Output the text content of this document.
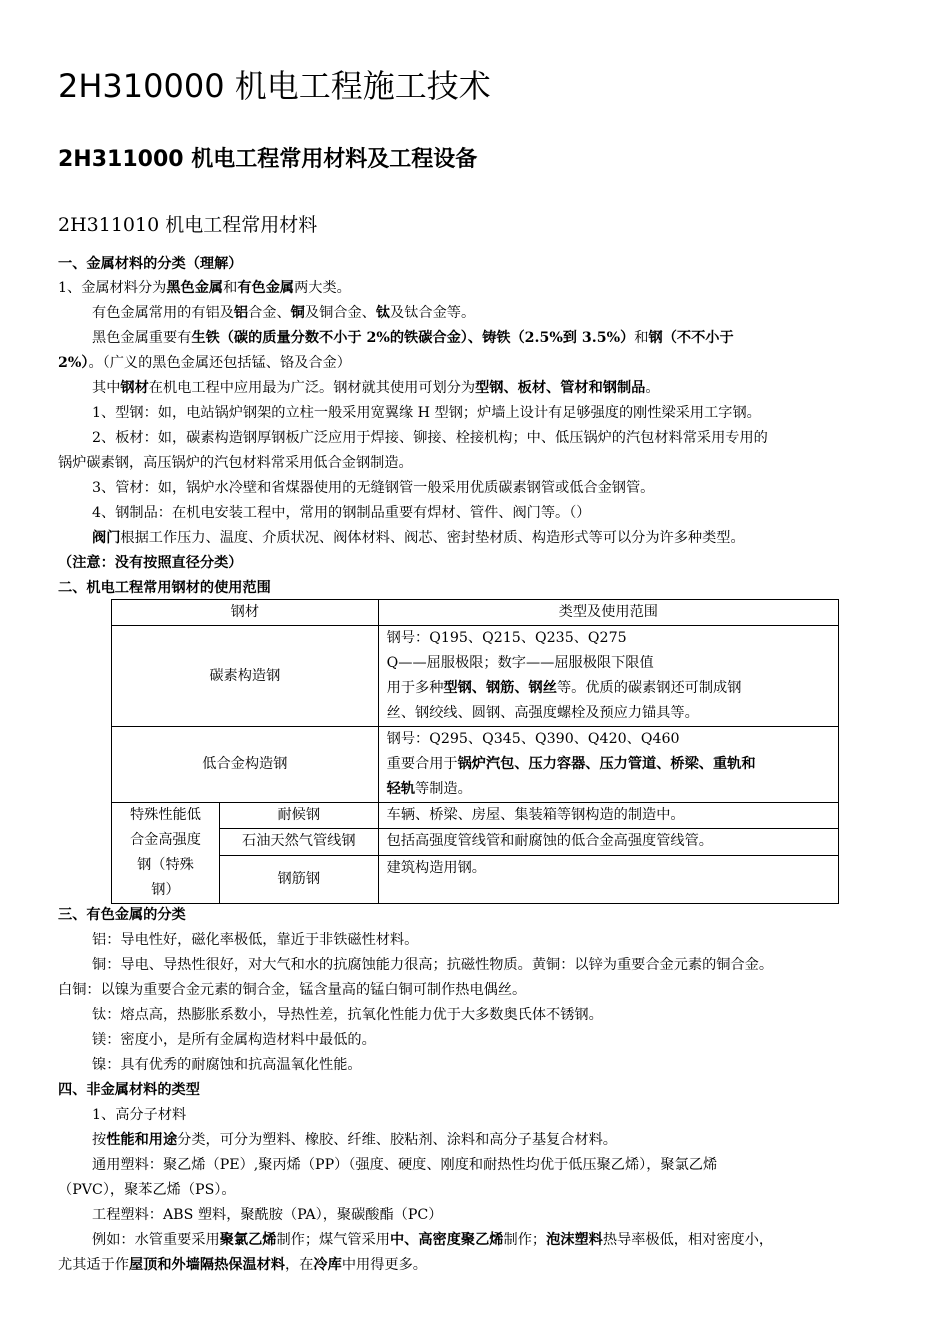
2H310000 机电工程施工技术
2H311000 机电工程常用材料及工程设备
2H311010 机电工程常用材料
一、金属材料的分类（理解）
1、金属材料分为黑色金属和有色金属两大类。
有色金属常用的有铝及铝合金、铜及铜合金、钛及钛合金等。
黑色金属重要有生铁（碳的质量分数不小于 2%的铁碳合金）、铸铁（2.5%到 3.5%）和钢（不不小于
2%）。（广义的黑色金属还包括锰、铬及合金）
其中钢材在机电工程中应用最为广泛。钢材就其使用可划分为型钢、板材、管材和钢制品。
1、型钢：如，电站锅炉钢架的立柱一般采用宽翼缘 H 型钢；炉墙上设计有足够强度的刚性梁采用工字钢。
2、板材：如，碳素构造钢厚钢板广泛应用于焊接、铆接、栓接机构；中、低压锅炉的汽包材料常采用专用的
锅炉碳素钢，高压锅炉的汽包材料常采用低合金钢制造。
3、管材：如，锅炉水冷壁和省煤器使用的无缝钢管一般采用优质碳素钢管或低合金钢管。
4、钢制品：在机电安装工程中，常用的钢制品重要有焊材、管件、阀门等。（）
阀门根据工作压力、温度、介质状况、阀体材料、阀芯、密封垫材质、构造形式等可以分为许多种类型。
（注意：没有按照直径分类）
二、机电工程常用钢材的使用范围
钢材		类型及使用范围
碳素构造钢		钢号：Q195、Q215、Q235、Q275
Q——屈服极限；数字——屈服极限下限值
用于多种型钢、钢筋、钢丝等。优质的碳素钢还可制成钢
丝、钢绞线、圆钢、高强度螺栓及预应力锚具等。

低合金构造钢		钢号：Q295、Q345、Q390、Q420、Q460
重要合用于锅炉汽包、压力容器、压力管道、桥梁、重轨和
轻轨等制造。

特殊性能低
合金高强度
钢（特殊
钢）	耐候钢	车辆、桥梁、房屋、集装箱等钢构造的制造中。
	石油天然气管线钢	包括高强度管线管和耐腐蚀的低合金高强度管线管。
	钢筋钢	建筑构造用钢。
三、有色金属的分类
铝：导电性好，磁化率极低，靠近于非铁磁性材料。
铜：导电、导热性很好，对大气和水的抗腐蚀能力很高；抗磁性物质。黄铜：以锌为重要合金元素的铜合金。
白铜：以镍为重要合金元素的铜合金，锰含量高的锰白铜可制作热电偶丝。
钛：熔点高，热膨胀系数小，导热性差，抗氧化性能力优于大多数奥氏体不锈钢。
镁：密度小，是所有金属构造材料中最低的。
镍：具有优秀的耐腐蚀和抗高温氧化性能。
四、非金属材料的类型
1、高分子材料
按性能和用途分类，可分为塑料、橡胶、纤维、胶粘剂、涂料和高分子基复合材料。
通用塑料：聚乙烯（PE）,聚丙烯（PP）（强度、硬度、刚度和耐热性均优于低压聚乙烯），聚氯乙烯
（PVC），聚苯乙烯（PS）。
工程塑料：ABS 塑料，聚酰胺（PA），聚碳酸酯（PC）
例如：水管重要采用聚氯乙烯制作；煤气管采用中、高密度聚乙烯制作；泡沫塑料热导率极低，相对密度小，
尤其适于作屋顶和外墙隔热保温材料，在冷库中用得更多。
